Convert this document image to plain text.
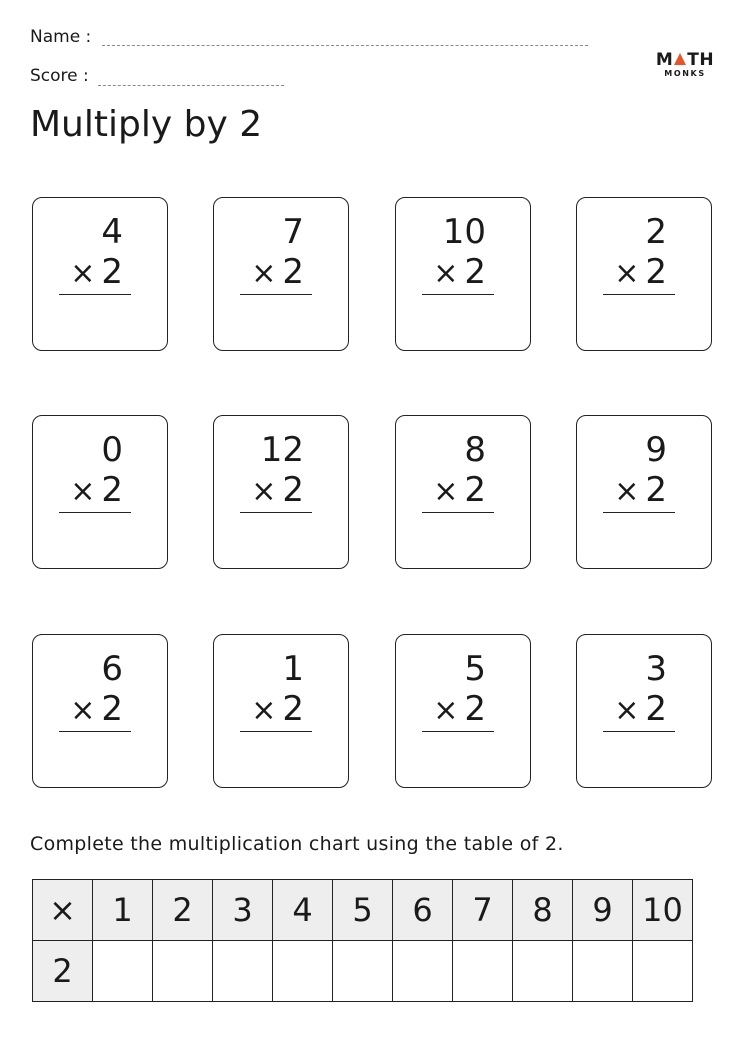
Name :
Score :
M TH
MONKS
Multiply by 2
4
× 2
7
× 2
10
× 2
2
× 2
0
× 2
12
× 2
8
× 2
9
× 2
6
× 2
1
× 2
5
× 2
3
× 2
Complete the multiplication chart using the table of 2.
×	1	2	3	4	5	6	7	8	9	10
2										
